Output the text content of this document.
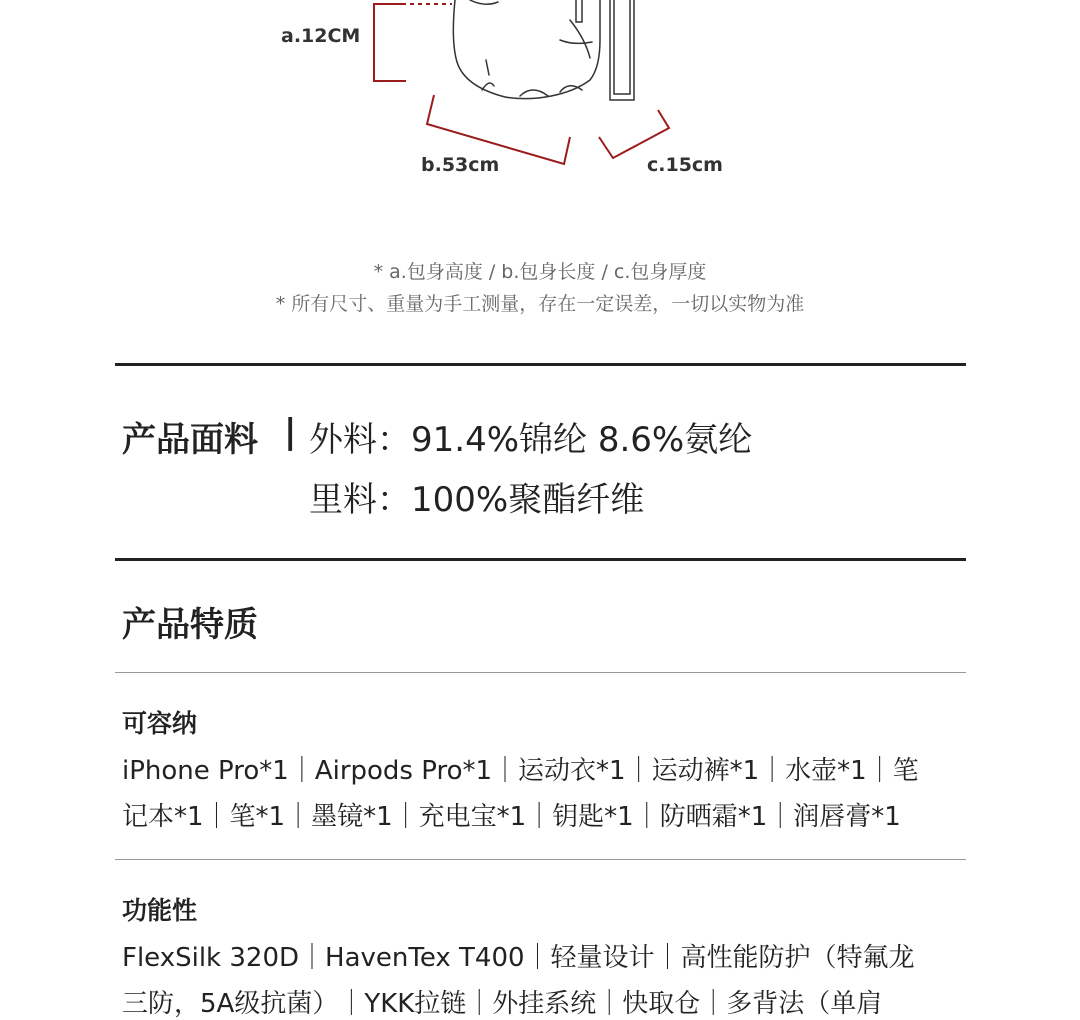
a.12CM
b.53cm	c.15cm
* a.包身高度 / b.包身长度 / c.包身厚度
* 所有尺寸、重量为手工测量，存在一定误差，一切以实物为准
产品面料 | 外料：91.4%锦纶 8.6%氨纶
里料：100%聚酯纤维
产品特质
可容纳
iPhone Pro*1｜Airpods Pro*1｜运动衣*1｜运动裤*1｜水壶*1｜笔
记本*1｜笔*1｜墨镜*1｜充电宝*1｜钥匙*1｜防晒霜*1｜润唇膏*1
功能性
FlexSilk 320D｜HavenTex T400｜轻量设计｜高性能防护（特氟龙
三防，5A级抗菌）｜YKK拉链｜外挂系统｜快取仓｜多背法（单肩
